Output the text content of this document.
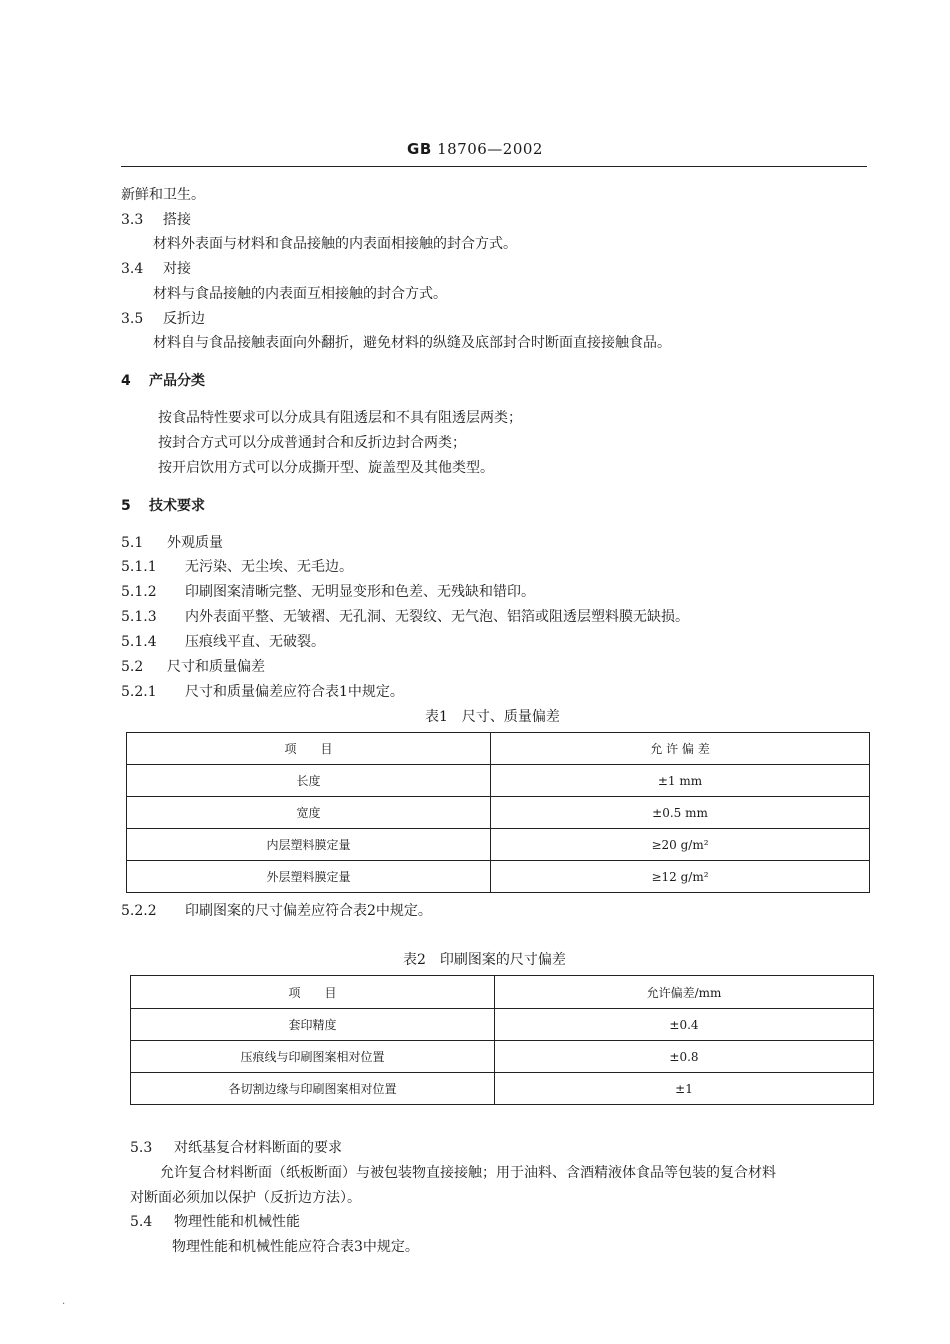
GB 18706—2002
新鲜和卫生。
3.3 搭接
材料外表面与材料和食品接触的内表面相接触的封合方式。
3.4 对接
材料与食品接触的内表面互相接触的封合方式。
3.5 反折边
材料自与食品接触表面向外翻折，避免材料的纵缝及底部封合时断面直接接触食品。
4 产品分类
按食品特性要求可以分成具有阻透层和不具有阻透层两类；
按封合方式可以分成普通封合和反折边封合两类；
按开启饮用方式可以分成撕开型、旋盖型及其他类型。
5 技术要求
5.1 外观质量
5.1.1 无污染、无尘埃、无毛边。
5.1.2 印刷图案清晰完整、无明显变形和色差、无残缺和错印。
5.1.3 内外表面平整、无皱褶、无孔洞、无裂纹、无气泡、铝箔或阻透层塑料膜无缺损。
5.1.4 压痕线平直、无破裂。
5.2 尺寸和质量偏差
5.2.1 尺寸和质量偏差应符合表1中规定。
表1　尺寸、质量偏差
项　　目	允 许 偏 差
长度	±1 mm
宽度	±0.5 mm
内层塑料膜定量	≥20 g/m²
外层塑料膜定量	≥12 g/m²
5.2.2 印刷图案的尺寸偏差应符合表2中规定。
表2　印刷图案的尺寸偏差
项　　目	允许偏差/mm
套印精度	±0.4
压痕线与印刷图案相对位置	±0.8
各切割边缘与印刷图案相对位置	±1
5.3 对纸基复合材料断面的要求
允许复合材料断面（纸板断面）与被包装物直接接触；用于油料、含酒精液体食品等包装的复合材料
对断面必须加以保护（反折边方法）。
5.4 物理性能和机械性能
物理性能和机械性能应符合表3中规定。
.
